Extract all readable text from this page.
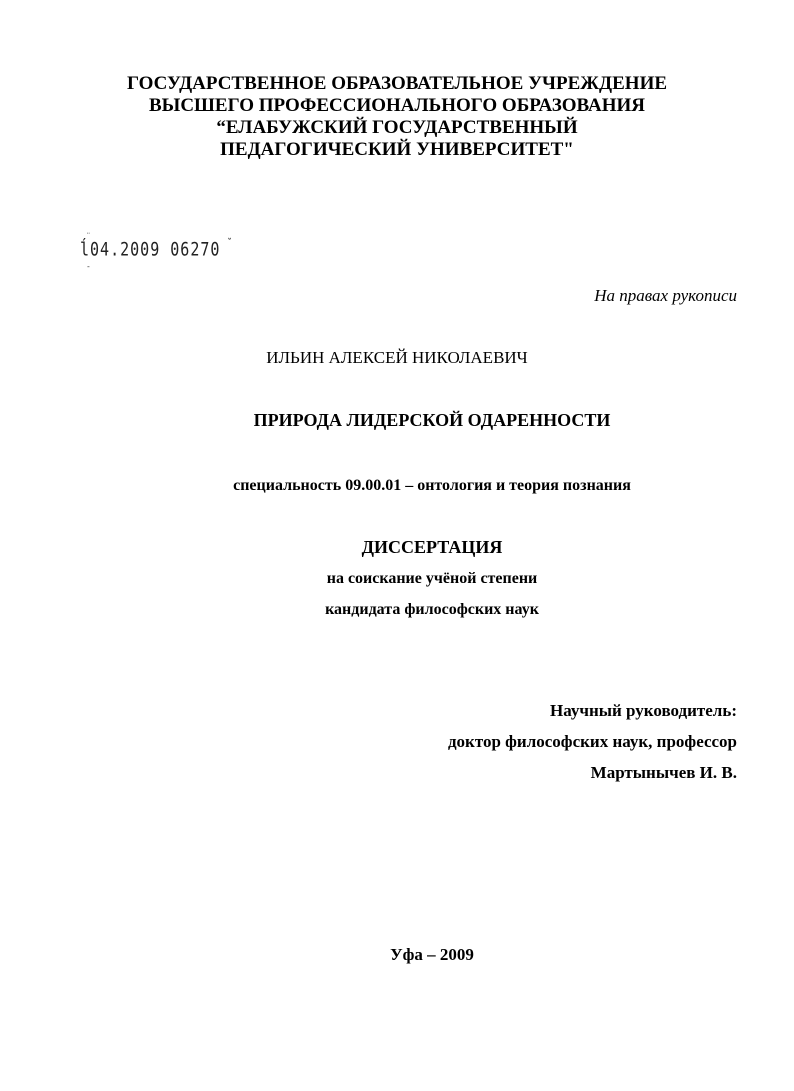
ГОСУДАРСТВЕННОЕ ОБРАЗОВАТЕЛЬНОЕ УЧРЕЖДЕНИЕ
ВЫСШЕГО ПРОФЕССИОНАЛЬНОГО ОБРАЗОВАНИЯ
“ЕЛАБУЖСКИЙ ГОСУДАРСТВЕННЫЙ
ПЕДАГОГИЧЕСКИЙ УНИВЕРСИТЕТ"
¨
-
ĺ04.2009 06270 ˘
На правах рукописи
ИЛЬИН АЛЕКСЕЙ НИКОЛАЕВИЧ
ПРИРОДА ЛИДЕРСКОЙ ОДАРЕННОСТИ
специальность 09.00.01 – онтология и теория познания
ДИССЕРТАЦИЯ
на соискание учёной степени
кандидата философских наук
Научный руководитель:
доктор философских наук, профессор
Мартынычев И. В.
Уфа – 2009
